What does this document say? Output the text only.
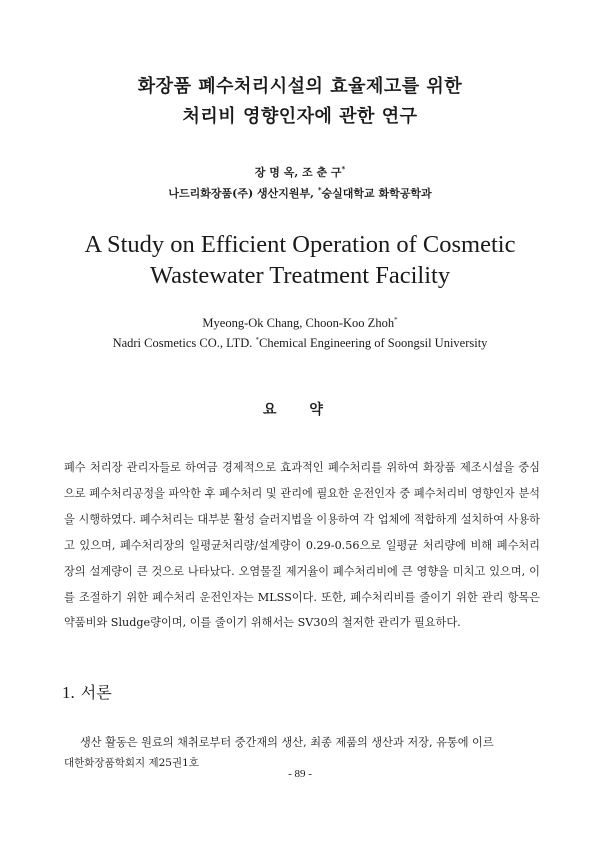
화장품 폐수처리시설의 효율제고를 위한
처리비 영향인자에 관한 연구
장 명 옥, 조 춘 구*
나드리화장품(주) 생산지원부, *숭실대학교 화학공학과
A Study on Efficient Operation of Cosmetic
Wastewater Treatment Facility
Myeong-Ok Chang, Choon-Koo Zhoh*
Nadri Cosmetics CO., LTD. *Chemical Engineering of Soongsil University
요 약

폐수 처리장 관리자들로 하여금 경제적으로 효과적인 폐수처리를 위하여 화장품 제조시설을 중심으로 폐수처리공정을 파악한 후 폐수처리 및 관리에 필요한 운전인자 중 폐수처리비 영향인자 분석을 시행하였다. 폐수처리는 대부분 활성 슬러지법을 이용하여 각 업체에 적합하게 설치하여 사용하고 있으며, 폐수처리장의 일평균처리량/설계량이 0.29-0.56으로 일평균 처리량에 비해 폐수처리장의 설계량이 큰 것으로 나타났다. 오염물질 제거율이 폐수처리비에 큰 영향을 미치고 있으며, 이를 조절하기 위한 폐수처리 운전인자는 MLSS이다. 또한, 폐수처리비를 줄이기 위한 관리 항목은 약품비와 Sludge량이며, 이를 줄이기 위해서는 SV30의 철저한 관리가 필요하다.

1. 서론
생산 활동은 원료의 채취로부터 중간재의 생산, 최종 제품의 생산과 저장, 유통에 이르
대한화장품학회지 제25권1호
- 89 -
